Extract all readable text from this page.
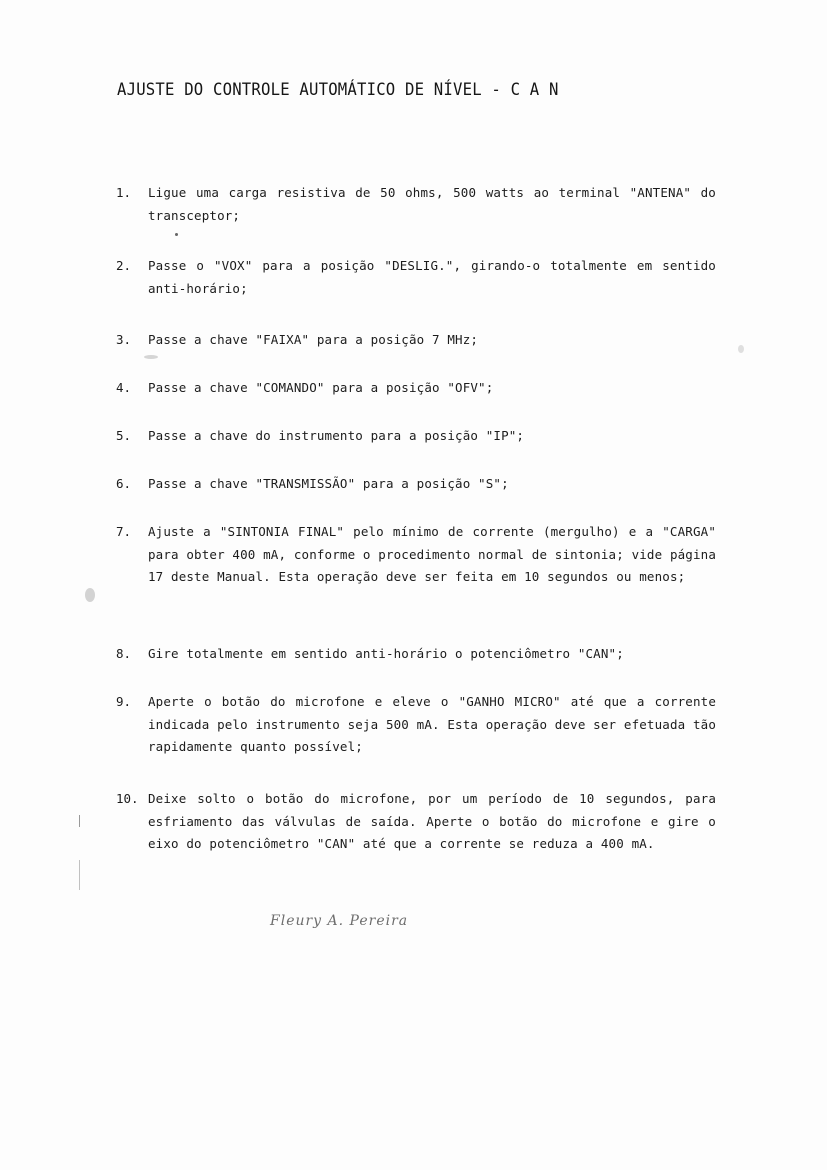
AJUSTE DO CONTROLE AUTOMÁTICO DE NÍVEL - C A N
1.	Ligue uma carga resistiva de 50 ohms, 500 watts ao terminal "ANTENA" do transceptor;
2.	Passe o "VOX" para a posição "DESLIG.", girando-o totalmente em sentido anti-horário;
3.	Passe a chave "FAIXA" para a posição 7 MHz;
4.	Passe a chave "COMANDO" para a posição "OFV";
5.	Passe a chave do instrumento para a posição "IP";
6.	Passe a chave "TRANSMISSÃO" para a posição "S";
7.	Ajuste a "SINTONIA FINAL" pelo mínimo de corrente (mergulho) e a "CARGA" para obter 400 mA, conforme o procedimento normal de sintonia; vide página 17 deste Manual. Esta operação deve ser feita em 10 segundos ou menos;
8.	Gire totalmente em sentido anti-horário o potenciômetro "CAN";
9.	Aperte o botão do microfone e eleve o "GANHO MICRO" até que a corrente indicada pelo instrumento seja 500 mA. Esta operação deve ser efetuada tão rapidamente quanto possível;
10. Deixe solto o botão do microfone, por um período de 10 segundos, para esfriamento das válvulas de saída. Aperte o botão do microfone e gire o eixo do potenciômetro "CAN" até que a corrente se reduza a 400 mA.
Fleury A. Pereira
